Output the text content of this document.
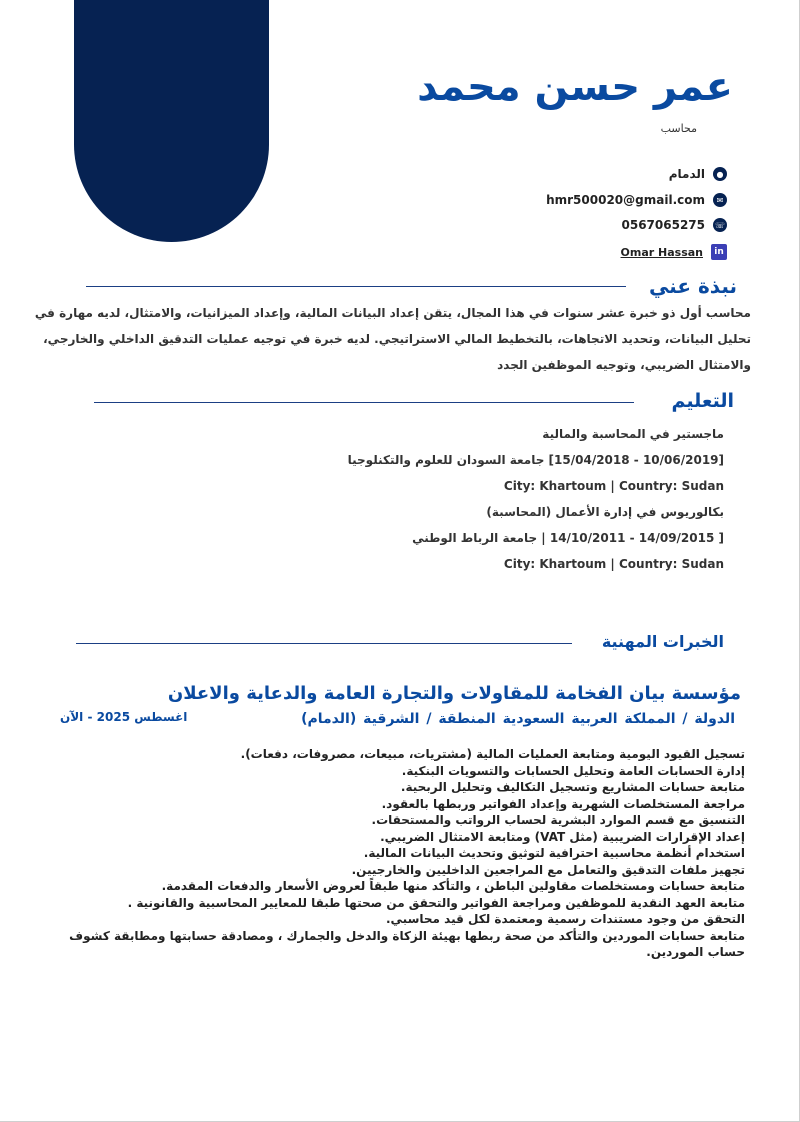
عمر حسن محمد
محاسب
الدمام	●
hmr500020@gmail.com	✉
0567065275 ☏
Omar Hassan	in
نبذة عني
محاسب أول ذو خبرة عشر سنوات في هذا المجال، يتقن إعداد البيانات المالية، وإعداد الميزانيات، والامتثال، لديه مهارة في تحليل البيانات، وتحديد الاتجاهات، بالتخطيط المالي الاستراتيجي. لديه خبرة في توجيه عمليات التدقيق الداخلي والخارجي، والامتثال الضريبي، وتوجيه الموظفين الجدد
التعليم
ماجستير في المحاسبة والمالية
[10/06/2019 - 15/04/2018] جامعة السودان للعلوم والتكنلوجيا
City: Khartoum | Country: Sudan
بكالوريوس في إدارة الأعمال (المحاسبة)
[ 14/09/2015 - 14/10/2011 | جامعة الرباط الوطني
City: Khartoum | Country: Sudan
الخبرات المهنية
مؤسسة بيان الفخامة للمقاولات والتجارة العامة والدعاية والاعلان
الدولة / المملكة العربية السعودية المنطقة / الشرقية (الدمام)
اغسطس 2025 - الآن
تسجيل القيود اليومية ومتابعة العمليات المالية (مشتريات، مبيعات، مصروفات، دفعات).
إدارة الحسابات العامة وتحليل الحسابات والتسويات البنكية.
متابعة حسابات المشاريع وتسجيل التكاليف وتحليل الربحية.
مراجعة المستخلصات الشهرية وإعداد الفواتير وربطها بالعقود.
التنسيق مع قسم الموارد البشرية لحساب الرواتب والمستحقات.
إعداد الإقرارات الضريبية (مثل VAT) ومتابعة الامتثال الضريبي.
استخدام أنظمة محاسبية احترافية لتوثيق وتحديث البيانات المالية.
تجهيز ملفات التدقيق والتعامل مع المراجعين الداخليين والخارجيين.
متابعة حسابات ومستخلصات مقاولين الباطن ، والتأكد منها طبقاً لعروض الأسعار والدفعات المقدمة.
متابعة العهد النقدية للموظفين ومراجعة الفواتير والتحقق من صحتها طبقا للمعايير المحاسبية والقانونية .
التحقق من وجود مستندات رسمية ومعتمدة لكل قيد محاسبي.
متابعة حسابات الموردين والتأكد من صحة ربطها بهيئة الزكاة والدخل والجمارك ، ومصادقة حسابتها ومطابقة كشوف حساب الموردين.
